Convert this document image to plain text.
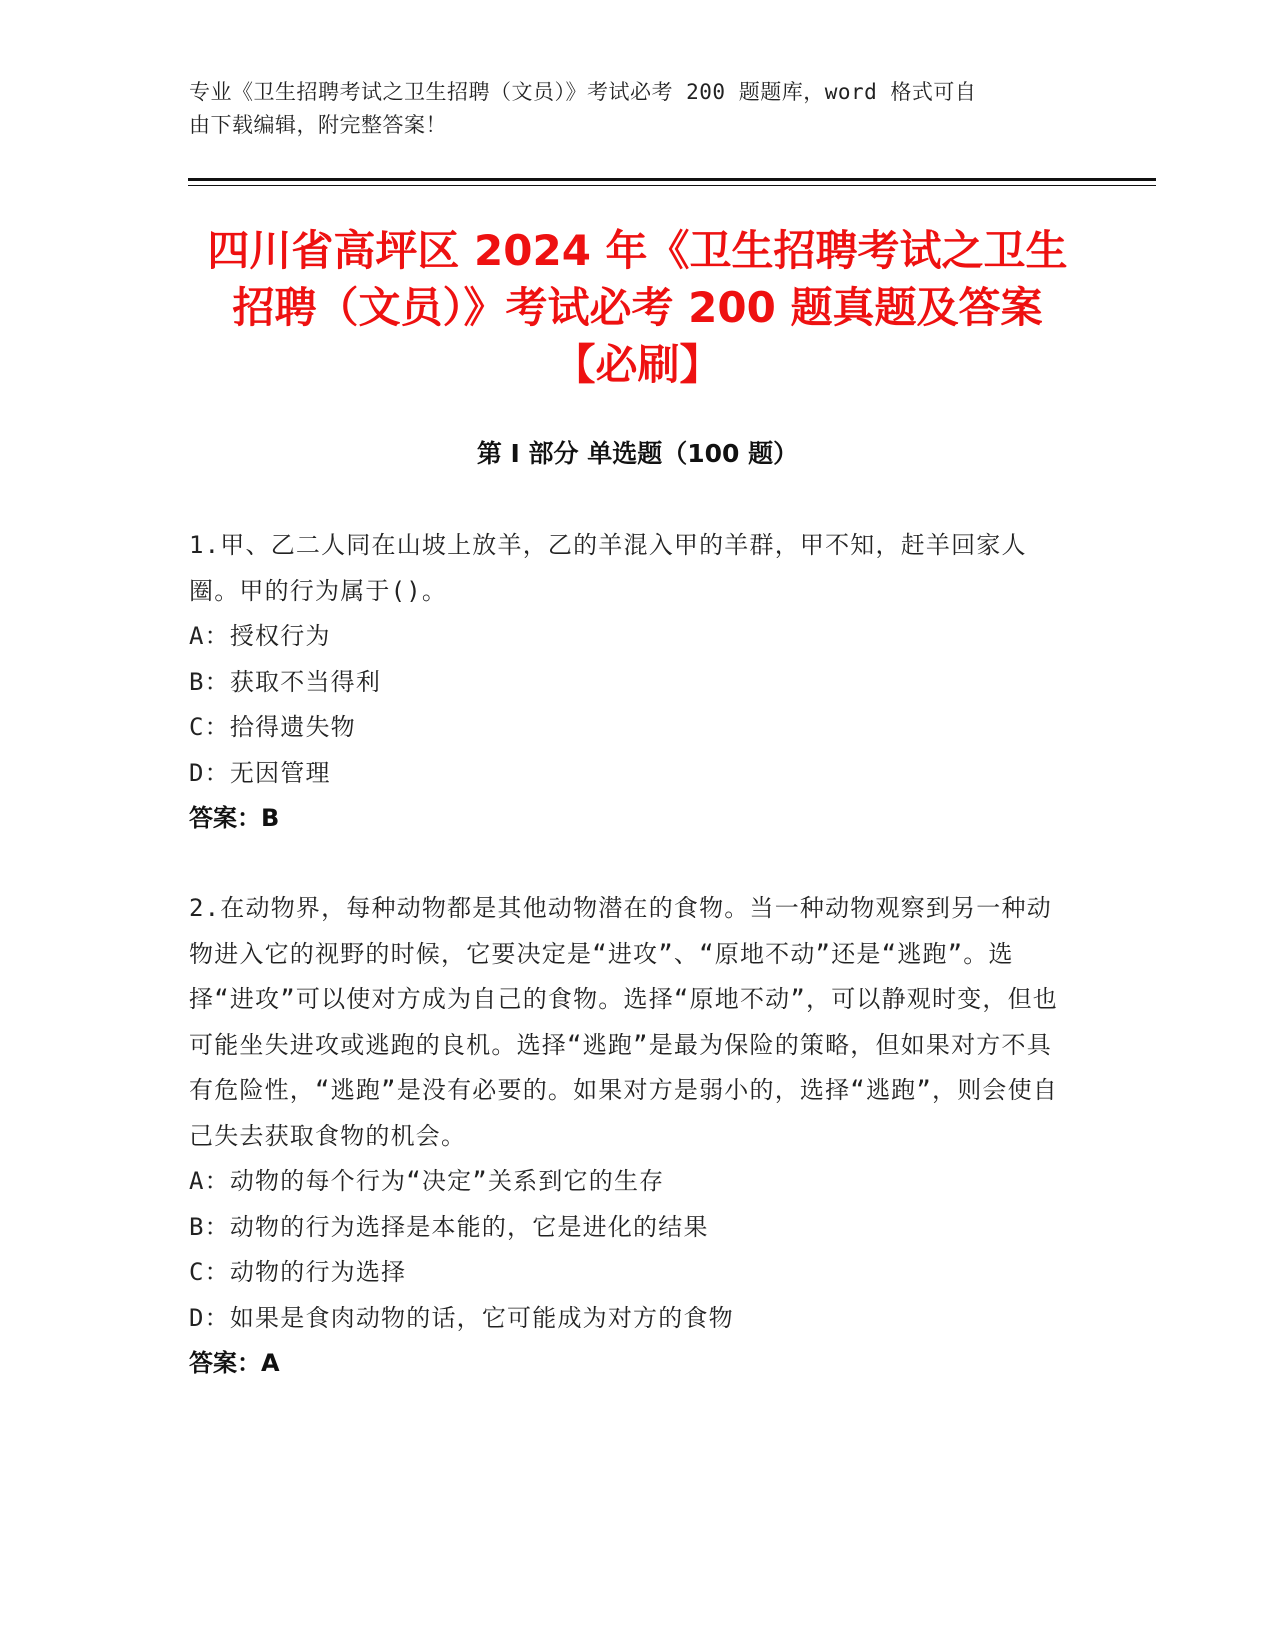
专业《卫生招聘考试之卫生招聘（文员）》考试必考 200 题题库，word 格式可自
由下载编辑，附完整答案！
四川省高坪区 2024 年《卫生招聘考试之卫生
招聘（文员）》考试必考 200 题真题及答案
【必刷】
第 I 部分 单选题（100 题）

1.甲、乙二人同在山坡上放羊，乙的羊混入甲的羊群，甲不知，赶羊回家人圈。甲的行为属于()。

A：授权行为
B：获取不当得利
C：拾得遗失物
D：无因管理
答案：B

2.在动物界，每种动物都是其他动物潜在的食物。当一种动物观察到另一种动物进入它的视野的时候，它要决定是“进攻”、“原地不动”还是“逃跑”。选择“进攻”可以使对方成为自己的食物。选择“原地不动”，可以静观时变，但也可能坐失进攻或逃跑的良机。选择“逃跑”是最为保险的策略，但如果对方不具有危险性，“逃跑”是没有必要的。如果对方是弱小的，选择“逃跑”，则会使自己失去获取食物的机会。

A：动物的每个行为“决定”关系到它的生存
B：动物的行为选择是本能的，它是进化的结果
C：动物的行为选择
D：如果是食肉动物的话，它可能成为对方的食物
答案：A
